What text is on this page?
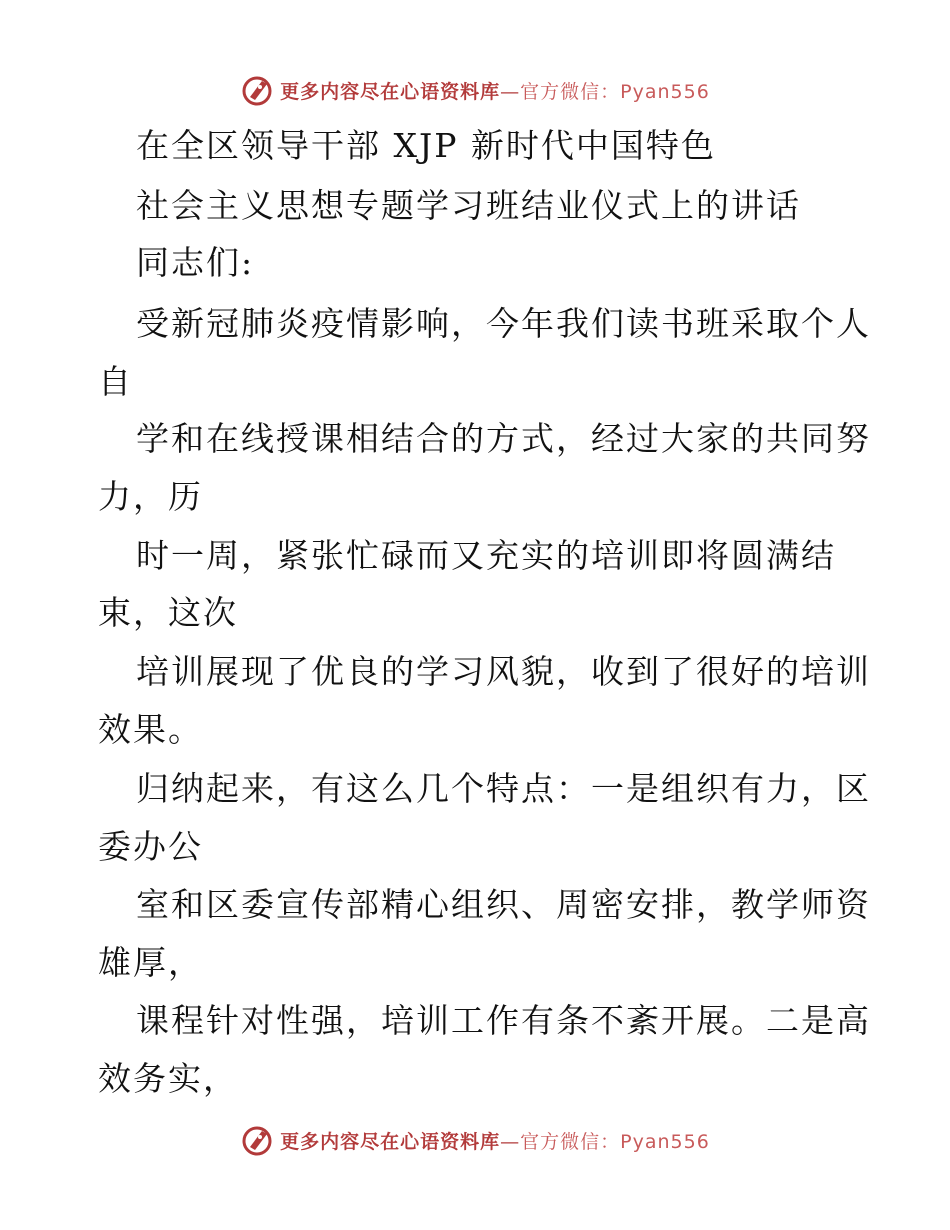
更多内容尽在心语资料库—官方微信：Pyan556
在全区领导干部 XJP 新时代中国特色
社会主义思想专题学习班结业仪式上的讲话
同志们:
受新冠肺炎疫情影响，今年我们读书班采取个人
自
学和在线授课相结合的方式，经过大家的共同努
力，历
时一周，紧张忙碌而又充实的培训即将圆满结
束，这次
培训展现了优良的学习风貌，收到了很好的培训
效果。
归纳起来，有这么几个特点：一是组织有力，区
委办公
室和区委宣传部精心组织、周密安排，教学师资
雄厚，
课程针对性强，培训工作有条不紊开展。二是高
效务实，
更多内容尽在心语资料库—官方微信：Pyan556
